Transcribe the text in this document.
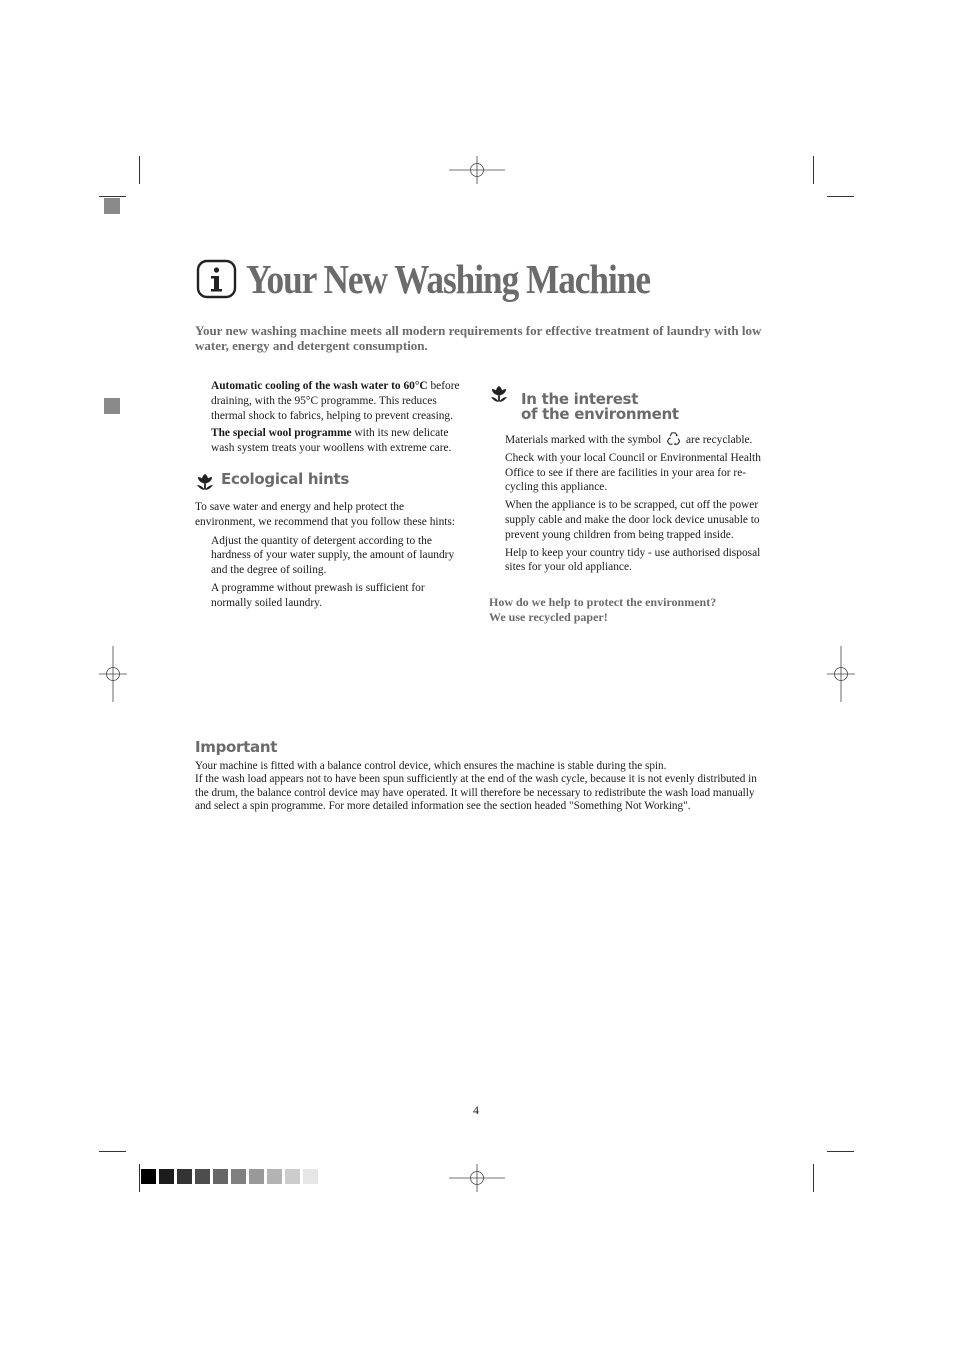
Your New Washing Machine
Your new washing machine meets all modern requirements for effective treatment of laundry with low water, energy and detergent consumption.

Automatic cooling of the wash water to 60°C before draining, with the 95°C programme. This reduces thermal shock to fabrics, helping to prevent creasing.

The special wool programme with its new delicate wash system treats your woollens with extreme care.

Ecological hints

To save water and energy and help protect the environment, we recommend that you follow these hints:

Adjust the quantity of detergent according to the hardness of your water supply, the amount of laundry and the degree of soiling.

A programme without prewash is sufficient for normally soiled laundry.

In the interest
of the environment

Materials marked with the symbol are recyclable.

Check with your local Council or Environmental Health Office to see if there are facilities in your area for re-cycling this appliance.

When the appliance is to be scrapped, cut off the power supply cable and make the door lock device unusable to prevent young children from being trapped inside.

Help to keep your country tidy - use authorised disposal sites for your old appliance.

How do we help to protect the environment?
We use recycled paper!
Important
Your machine is fitted with a balance control device, which ensures the machine is stable during the spin.
If the wash load appears not to have been spun sufficiently at the end of the wash cycle, because it is not evenly distributed in the drum, the balance control device may have operated. It will therefore be necessary to redistribute the wash load manually and select a spin programme. For more detailed information see the section headed "Something Not Working".
4
